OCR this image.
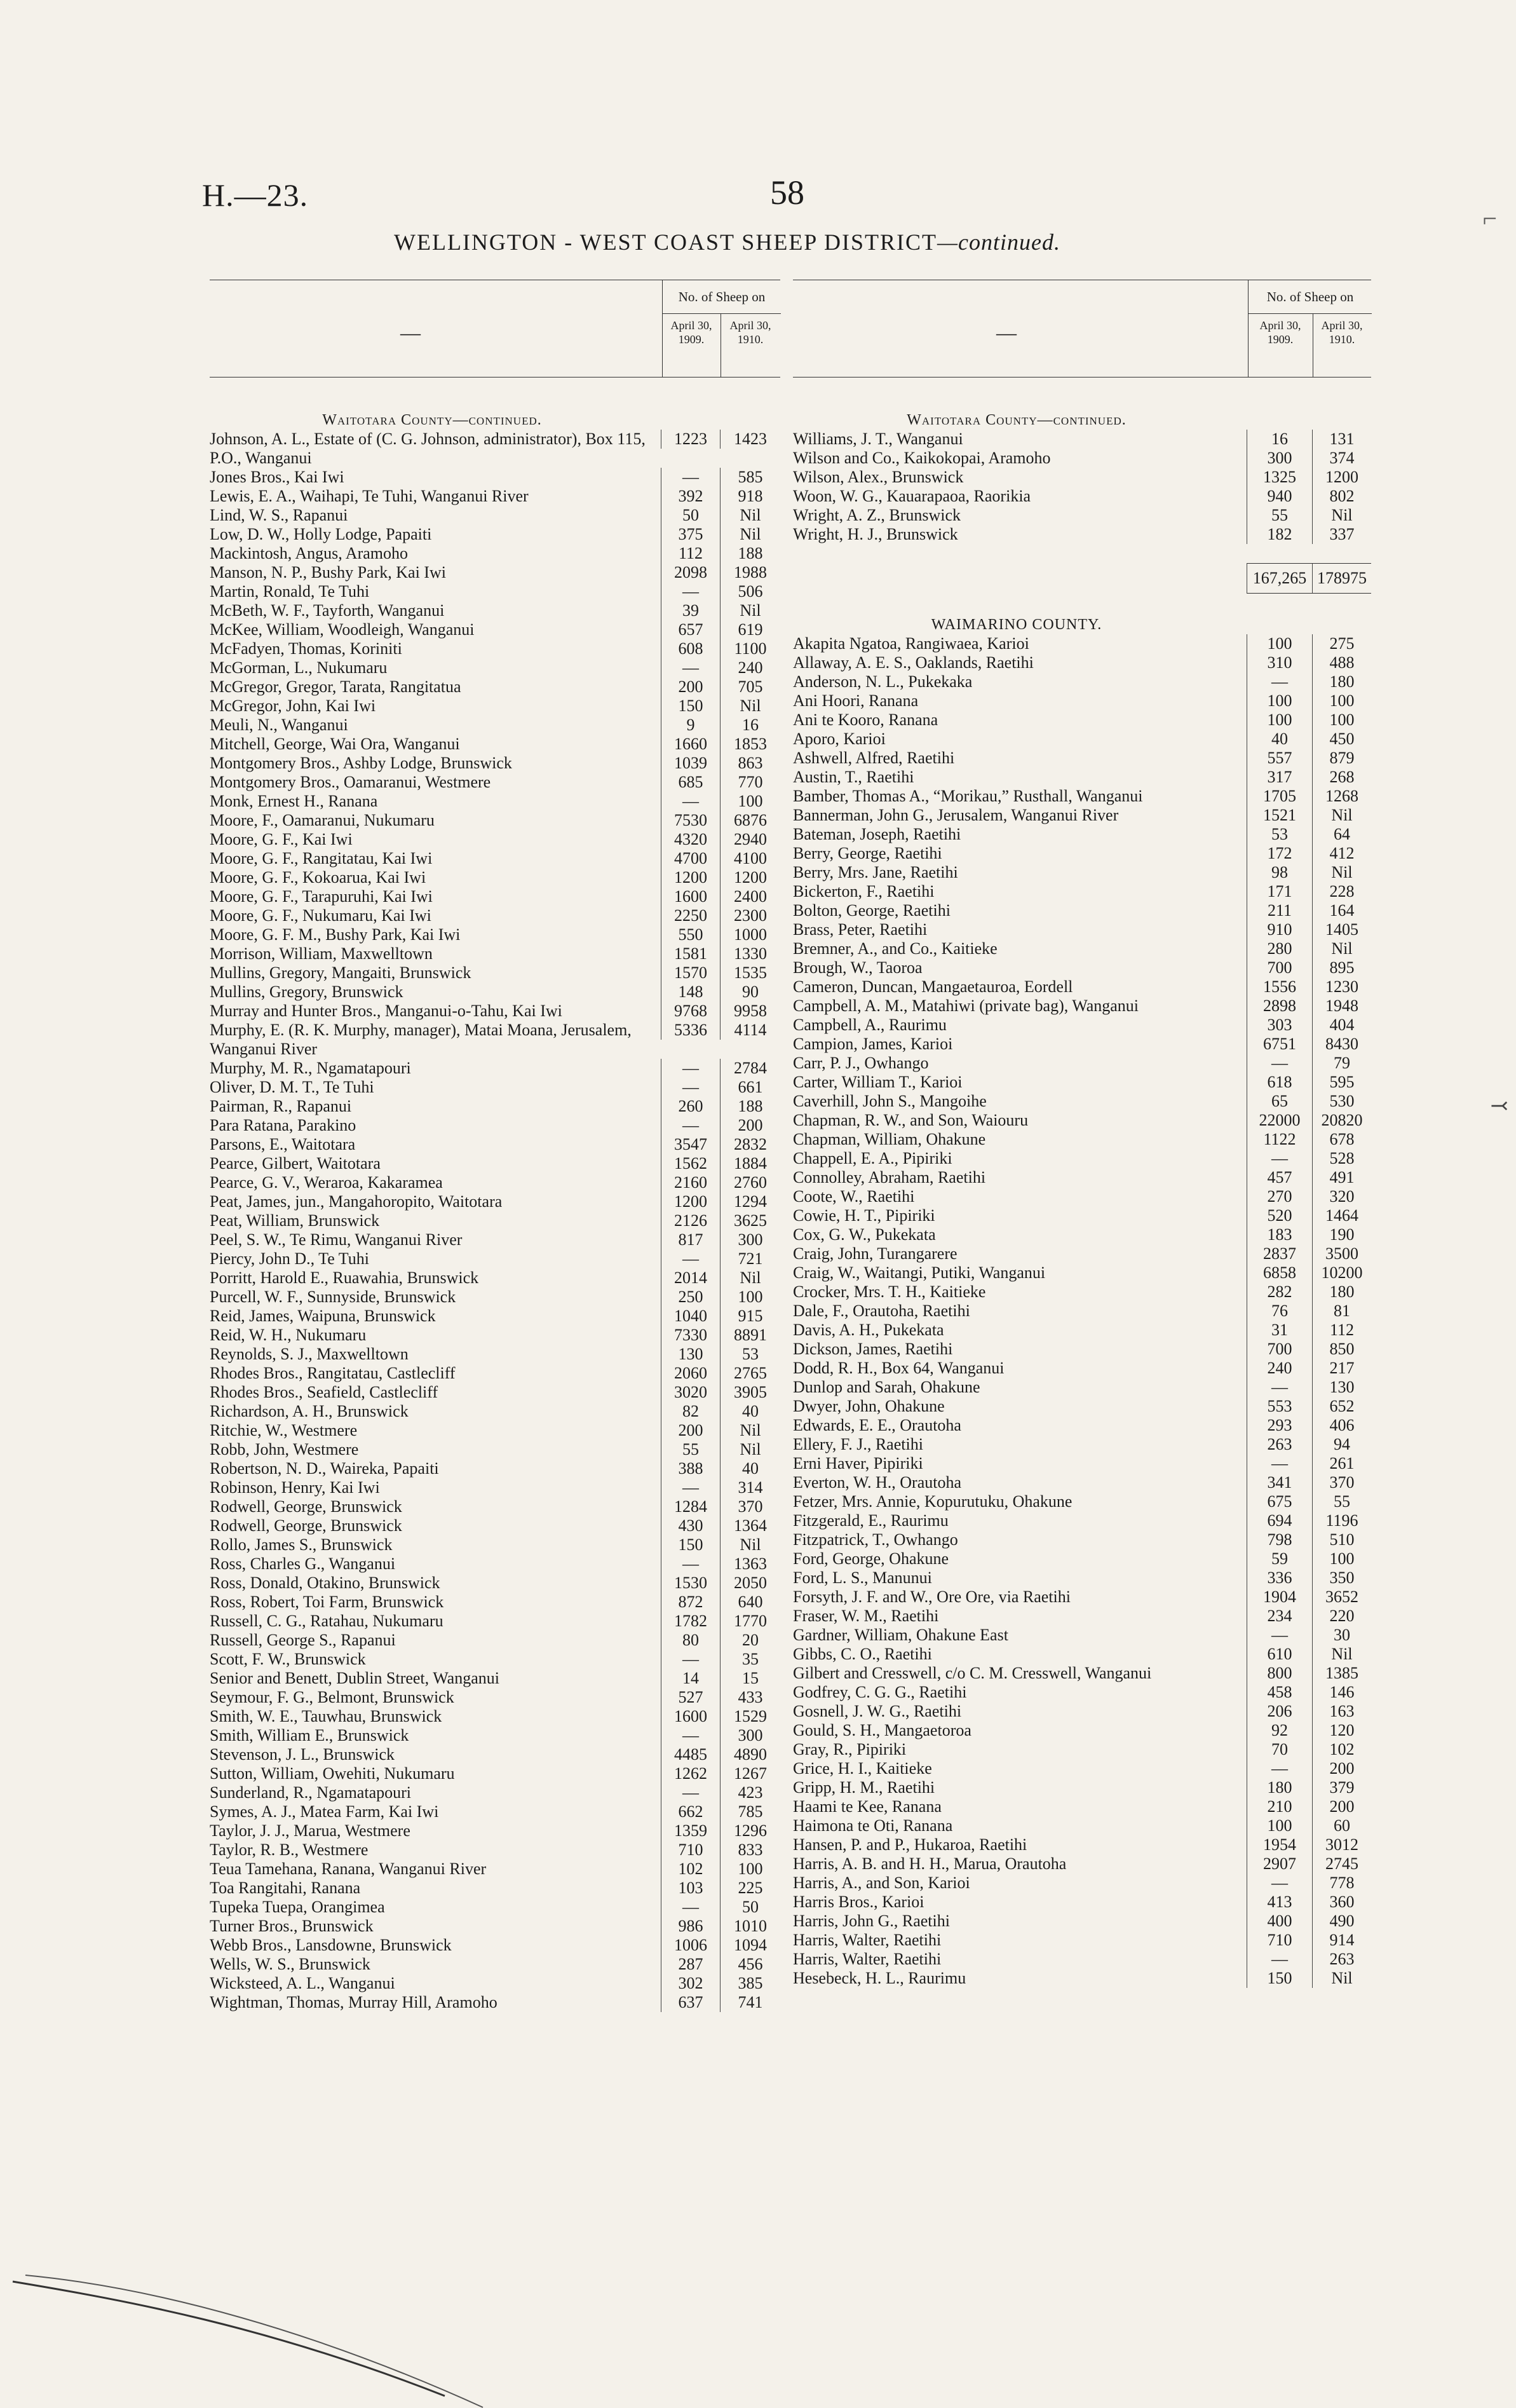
H.—23.	58
WELLINGTON - WEST COAST SHEEP DISTRICT—continued.
⌐
⤙
—
No. of Sheep on
April 30,
1909.
April 30,
1910.
Waitotara County—continued.
Johnson, A. L., Estate of (C. G. Johnson, administrator), Box 115, P.O., Wanganui
1223	1423
Jones Bros., Kai Iwi	—	585
Lewis, E. A., Waihapi, Te Tuhi, Wanganui River	392	918
Lind, W. S., Rapanui	50	Nil
Low, D. W., Holly Lodge, Papaiti	375	Nil
Mackintosh, Angus, Aramoho	112	188
Manson, N. P., Bushy Park, Kai Iwi	2098	1988
Martin, Ronald, Te Tuhi	—	506
McBeth, W. F., Tayforth, Wanganui	39	Nil
McKee, William, Woodleigh, Wanganui	657	619
McFadyen, Thomas, Koriniti	608	1100
McGorman, L., Nukumaru	—	240
McGregor, Gregor, Tarata, Rangitatua	200	705
McGregor, John, Kai Iwi	150	Nil
Meuli, N., Wanganui	9	16
Mitchell, George, Wai Ora, Wanganui	1660	1853
Montgomery Bros., Ashby Lodge, Brunswick	1039	863
Montgomery Bros., Oamaranui, Westmere	685	770
Monk, Ernest H., Ranana	—	100
Moore, F., Oamaranui, Nukumaru	7530	6876
Moore, G. F., Kai Iwi	4320	2940
Moore, G. F., Rangitatau, Kai Iwi	4700	4100
Moore, G. F., Kokoarua, Kai Iwi	1200	1200
Moore, G. F., Tarapuruhi, Kai Iwi	1600	2400
Moore, G. F., Nukumaru, Kai Iwi	2250	2300
Moore, G. F. M., Bushy Park, Kai Iwi	550	1000
Morrison, William, Maxwelltown	1581	1330
Mullins, Gregory, Mangaiti, Brunswick	1570	1535
Mullins, Gregory, Brunswick	148	90
Murray and Hunter Bros., Manganui-o-Tahu, Kai Iwi	9768	9958
Murphy, E. (R. K. Murphy, manager), Matai Moana, Jerusalem, Wanganui River
5336	4114
Murphy, M. R., Ngamatapouri	—	2784
Oliver, D. M. T., Te Tuhi	—	661
Pairman, R., Rapanui	260	188
Para Ratana, Parakino	—	200
Parsons, E., Waitotara	3547	2832
Pearce, Gilbert, Waitotara	1562	1884
Pearce, G. V., Weraroa, Kakaramea	2160	2760
Peat, James, jun., Mangahoropito, Waitotara	1200	1294
Peat, William, Brunswick	2126	3625
Peel, S. W., Te Rimu, Wanganui River	817	300
Piercy, John D., Te Tuhi	—	721
Porritt, Harold E., Ruawahia, Brunswick	2014	Nil
Purcell, W. F., Sunnyside, Brunswick	250	100
Reid, James, Waipuna, Brunswick	1040	915
Reid, W. H., Nukumaru	7330	8891
Reynolds, S. J., Maxwelltown	130	53
Rhodes Bros., Rangitatau, Castlecliff	2060	2765
Rhodes Bros., Seafield, Castlecliff	3020	3905
Richardson, A. H., Brunswick	82	40
Ritchie, W., Westmere	200	Nil
Robb, John, Westmere	55	Nil
Robertson, N. D., Waireka, Papaiti	388	40
Robinson, Henry, Kai Iwi	—	314
Rodwell, George, Brunswick	1284	370
Rodwell, George, Brunswick	430	1364
Rollo, James S., Brunswick	150	Nil
Ross, Charles G., Wanganui	—	1363
Ross, Donald, Otakino, Brunswick	1530	2050
Ross, Robert, Toi Farm, Brunswick	872	640
Russell, C. G., Ratahau, Nukumaru	1782	1770
Russell, George S., Rapanui	80	20
Scott, F. W., Brunswick	—	35
Senior and Benett, Dublin Street, Wanganui	14	15
Seymour, F. G., Belmont, Brunswick	527	433
Smith, W. E., Tauwhau, Brunswick	1600	1529
Smith, William E., Brunswick	—	300
Stevenson, J. L., Brunswick	4485	4890
Sutton, William, Owehiti, Nukumaru	1262	1267
Sunderland, R., Ngamatapouri	—	423
Symes, A. J., Matea Farm, Kai Iwi	662	785
Taylor, J. J., Marua, Westmere	1359	1296
Taylor, R. B., Westmere	710	833
Teua Tamehana, Ranana, Wanganui River	102	100
Toa Rangitahi, Ranana	103	225
Tupeka Tuepa, Orangimea	—	50
Turner Bros., Brunswick	986	1010
Webb Bros., Lansdowne, Brunswick	1006	1094
Wells, W. S., Brunswick	287	456
Wicksteed, A. L., Wanganui	302	385
Wightman, Thomas, Murray Hill, Aramoho	637	741
—
No. of Sheep on
April 30,
1909.
April 30,
1910.
Waitotara County—continued.
Williams, J. T., Wanganui	16	131
Wilson and Co., Kaikokopai, Aramoho	300	374
Wilson, Alex., Brunswick	1325	1200
Woon, W. G., Kauarapaoa, Raorikia	940	802
Wright, A. Z., Brunswick	55	Nil
Wright, H. J., Brunswick	182	337
167,265 178975
WAIMARINO COUNTY.
Akapita Ngatoa, Rangiwaea, Karioi	100	275
Allaway, A. E. S., Oaklands, Raetihi	310	488
Anderson, N. L., Pukekaka	—	180
Ani Hoori, Ranana	100	100
Ani te Kooro, Ranana	100	100
Aporo, Karioi	40	450
Ashwell, Alfred, Raetihi	557	879
Austin, T., Raetihi	317	268
Bamber, Thomas A., “Morikau,” Rusthall, Wanganui	1705	1268
Bannerman, John G., Jerusalem, Wanganui River	1521	Nil
Bateman, Joseph, Raetihi	53	64
Berry, George, Raetihi	172	412
Berry, Mrs. Jane, Raetihi	98	Nil
Bickerton, F., Raetihi	171	228
Bolton, George, Raetihi	211	164
Brass, Peter, Raetihi	910	1405
Bremner, A., and Co., Kaitieke	280	Nil
Brough, W., Taoroa	700	895
Cameron, Duncan, Mangaetauroa, Eordell	1556	1230
Campbell, A. M., Matahiwi (private bag), Wanganui	2898	1948
Campbell, A., Raurimu	303	404
Campion, James, Karioi	6751	8430
Carr, P. J., Owhango	—	79
Carter, William T., Karioi	618	595
Caverhill, John S., Mangoihe	65	530
Chapman, R. W., and Son, Waiouru	22000	20820
Chapman, William, Ohakune	1122	678
Chappell, E. A., Pipiriki	—	528
Connolley, Abraham, Raetihi	457	491
Coote, W., Raetihi	270	320
Cowie, H. T., Pipiriki	520	1464
Cox, G. W., Pukekata	183	190
Craig, John, Turangarere	2837	3500
Craig, W., Waitangi, Putiki, Wanganui	6858	10200
Crocker, Mrs. T. H., Kaitieke	282	180
Dale, F., Orautoha, Raetihi	76	81
Davis, A. H., Pukekata	31	112
Dickson, James, Raetihi	700	850
Dodd, R. H., Box 64, Wanganui	240	217
Dunlop and Sarah, Ohakune	—	130
Dwyer, John, Ohakune	553	652
Edwards, E. E., Orautoha	293	406
Ellery, F. J., Raetihi	263	94
Erni Haver, Pipiriki	—	261
Everton, W. H., Orautoha	341	370
Fetzer, Mrs. Annie, Kopurutuku, Ohakune	675	55
Fitzgerald, E., Raurimu	694	1196
Fitzpatrick, T., Owhango	798	510
Ford, George, Ohakune	59	100
Ford, L. S., Manunui	336	350
Forsyth, J. F. and W., Ore Ore, via Raetihi	1904	3652
Fraser, W. M., Raetihi	234	220
Gardner, William, Ohakune East	—	30
Gibbs, C. O., Raetihi	610	Nil
Gilbert and Cresswell, c/o C. M. Cresswell, Wanganui	800	1385
Godfrey, C. G. G., Raetihi	458	146
Gosnell, J. W. G., Raetihi	206	163
Gould, S. H., Mangaetoroa	92	120
Gray, R., Pipiriki	70	102
Grice, H. I., Kaitieke	—	200
Gripp, H. M., Raetihi	180	379
Haami te Kee, Ranana	210	200
Haimona te Oti, Ranana	100	60
Hansen, P. and P., Hukaroa, Raetihi	1954	3012
Harris, A. B. and H. H., Marua, Orautoha	2907	2745
Harris, A., and Son, Karioi	—	778
Harris Bros., Karioi	413	360
Harris, John G., Raetihi	400	490
Harris, Walter, Raetihi	710	914
Harris, Walter, Raetihi	—	263
Hesebeck, H. L., Raurimu	150	Nil
